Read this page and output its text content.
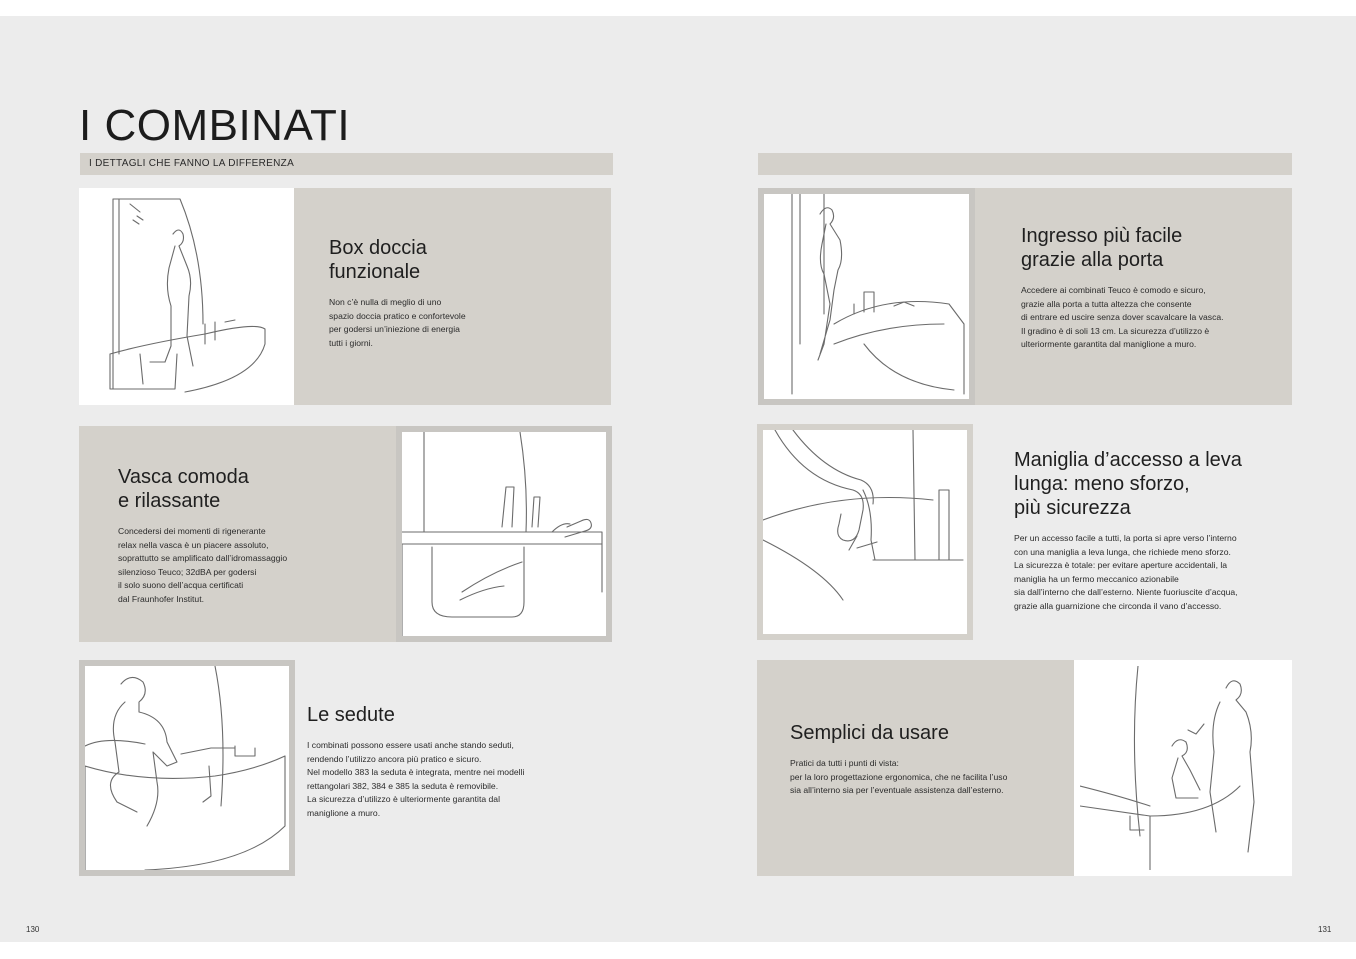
I COMBINATI
I DETTAGLI CHE FANNO LA DIFFERENZA
Box doccia
funzionale
Non c’è nulla di meglio di uno
spazio doccia pratico e confortevole
per godersi un’iniezione di energia
tutti i giorni.
Vasca comoda
e rilassante
Concedersi dei momenti di rigenerante
relax nella vasca è un piacere assoluto,
soprattutto se amplificato dall’idromassaggio
silenzioso Teuco; 32dBA per godersi
il solo suono dell’acqua certificati
dal Fraunhofer Institut.
Le sedute
I combinati possono essere usati anche stando seduti,
rendendo l’utilizzo ancora più pratico e sicuro.
Nel modello 383 la seduta è integrata, mentre nei modelli
rettangolari 382, 384 e 385 la seduta è removibile.
La sicurezza d’utilizzo è ulteriormente garantita dal
maniglione a muro.
Ingresso più facile
grazie alla porta
Accedere ai combinati Teuco è comodo e sicuro,
grazie alla porta a tutta altezza che consente
di entrare ed uscire senza dover scavalcare la vasca.
Il gradino è di soli 13 cm. La sicurezza d’utilizzo è
ulteriormente garantita dal maniglione a muro.
Maniglia d’accesso a leva
lunga: meno sforzo,
più sicurezza
Per un accesso facile a tutti, la porta si apre verso l’interno
con una maniglia a leva lunga, che richiede meno sforzo.
La sicurezza è totale: per evitare aperture accidentali, la
maniglia ha un fermo meccanico azionabile
sia dall’interno che dall’esterno. Niente fuoriuscite d’acqua,
grazie alla guarnizione che circonda il vano d’accesso.
Semplici da usare
Pratici da tutti i punti di vista:
per la loro progettazione ergonomica, che ne facilita l’uso
sia all’interno sia per l’eventuale assistenza dall’esterno.
130	131
